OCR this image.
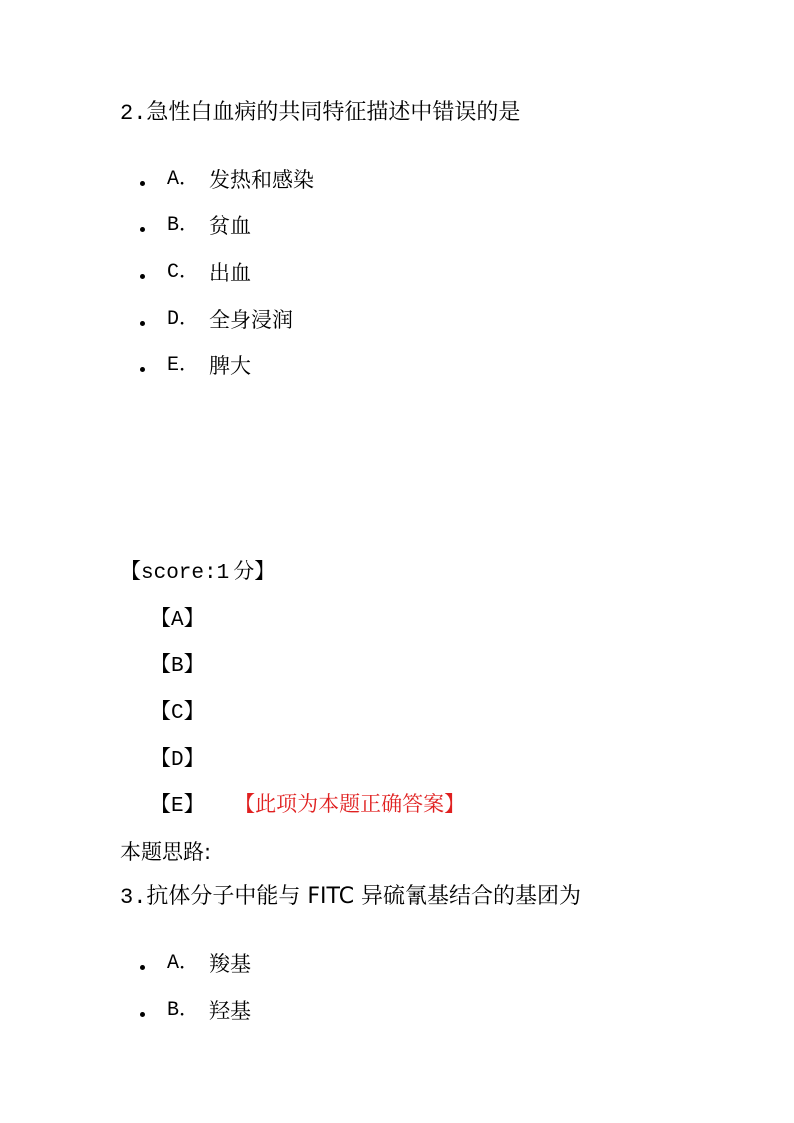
2.急性白血病的共同特征描述中错误的是
A． 发热和感染
B． 贫血
C． 出血
D． 全身浸润
E． 脾大
【score:1 分】
【A】
【B】
【C】
【D】
【E】 【此项为本题正确答案】
本题思路:
3.抗体分子中能与 FITC 异硫氰基结合的基团为
A． 羧基
B． 羟基
